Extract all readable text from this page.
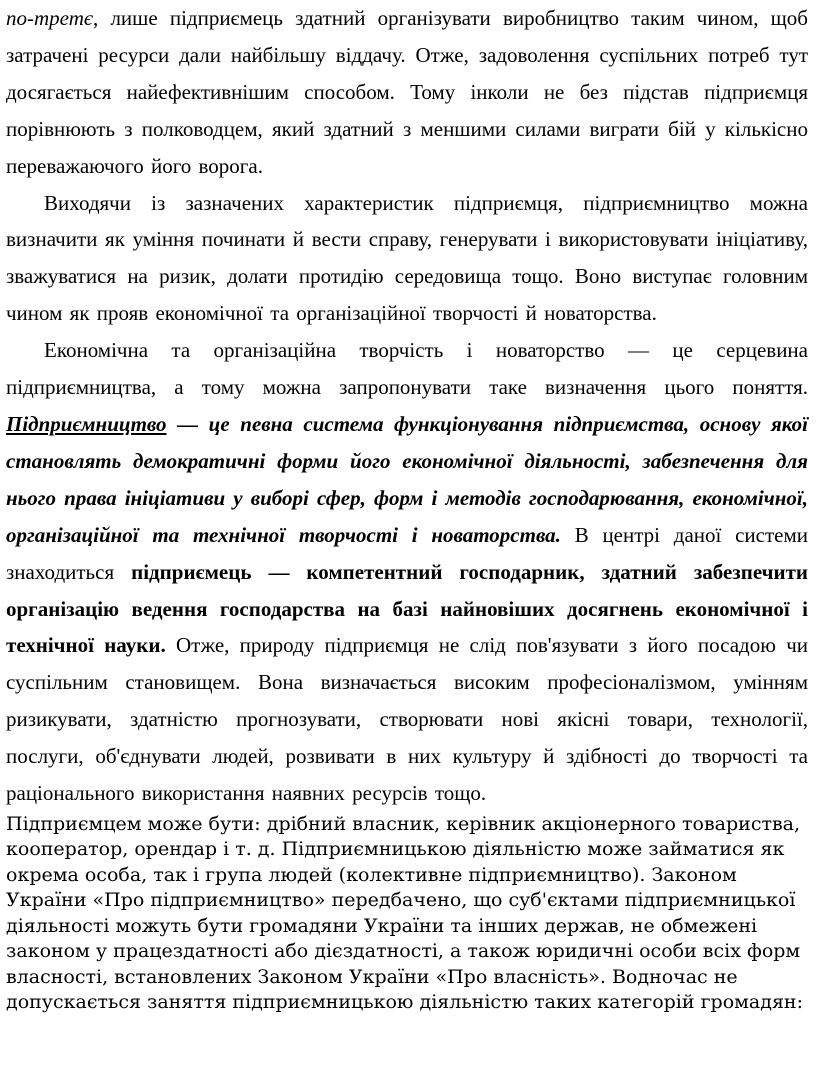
по-третє, лише підприємець здатний організувати виробництво таким чином, щоб затрачені ресурси дали найбільшу віддачу. Отже, задоволення суспільних потреб тут досягається найефективнішим способом. Тому інколи не без підстав підприємця порівнюють з полководцем, який здатний з меншими силами виграти бій у кількісно переважаючого його ворога.

Виходячи із зазначених характеристик підприємця, підприємництво можна визначити як уміння починати й вести справу, генерувати і використовувати ініціативу, зважуватися на ризик, долати протидію середовища тощо. Воно виступає головним чином як прояв економічної та організаційної творчості й новаторства.

Економічна та організаційна творчість і новаторство — це серцевина підприємництва, а тому можна запропонувати таке визначення цього поняття. Підприємництво — це певна система функціонування підприємства, основу якої становлять демократичні форми його економічної діяльності, забезпечення для нього права ініціативи у виборі сфер, форм і методів господарювання, економічної, організаційної та технічної творчості і новаторства. В центрі даної системи знаходиться підприємець — компетентний господарник, здатний забезпечити організацію ведення господарства на базі найновіших досягнень економічної і технічної науки. Отже, природу підприємця не слід пов'язувати з його посадою чи суспільним становищем. Вона визначається високим професіоналізмом, умінням ризикувати, здатністю прогнозувати, створювати нові якісні товари, технології, послуги, об'єднувати людей, розвивати в них культуру й здібності до творчості та раціонального використання наявних ресурсів тощо.

Підприємцем може бути: дрібний власник, керівник акціонерного товариства, кооператор, орендар і т. д. Підприємницькою діяльністю може займатися як окрема особа, так і група людей (колективне підприємництво). Законом України «Про підприємництво» передбачено, що суб'єктами підприємницької діяльності можуть бути громадяни України та інших держав, не обмежені законом у працездатності або дієздатності, а також юридичні особи всіх форм власності, встановлених Законом України «Про власність». Водночас не допускається заняття підприємницькою діяльністю таких категорій громадян:
